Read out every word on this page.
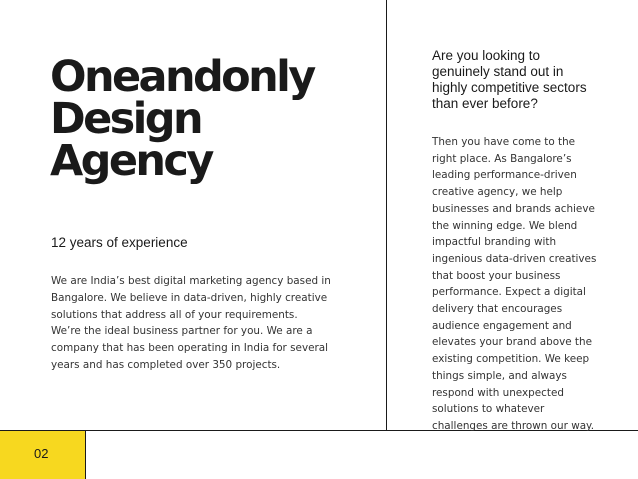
Oneandonly
Design
Agency
12 years of experience

We are India’s best digital marketing agency based in
Bangalore. We believe in data-driven, highly creative
solutions that address all of your requirements.
We’re the ideal business partner for you. We are a
company that has been operating in India for several
years and has completed over 350 projects.

Are you looking to
genuinely stand out in
highly competitive sectors
than ever before?

Then you have come to the
right place. As Bangalore’s
leading performance-driven
creative agency, we help
businesses and brands achieve
the winning edge. We blend
impactful branding with
ingenious data-driven creatives
that boost your business
performance. Expect a digital
delivery that encourages
audience engagement and
elevates your brand above the
existing competition. We keep
things simple, and always
respond with unexpected
solutions to whatever
challenges are thrown our way.

02
